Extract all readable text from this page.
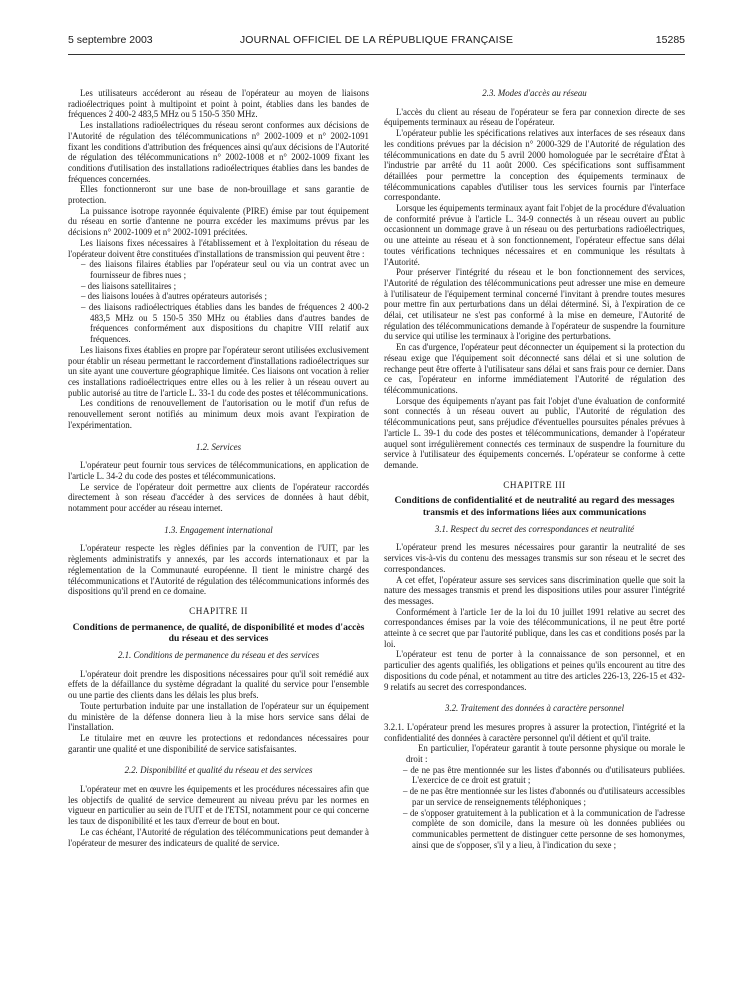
5 septembre 2003	JOURNAL OFFICIEL DE LA RÉPUBLIQUE FRANÇAISE	15285

Les utilisateurs accéderont au réseau de l'opérateur au moyen de liaisons radioélectriques point à multipoint et point à point, établies dans les bandes de fréquences 2 400-2 483,5 MHz ou 5 150-5 350 MHz.

Les installations radioélectriques du réseau seront conformes aux décisions de l'Autorité de régulation des télécommunications n° 2002-1009 et n° 2002-1091 fixant les conditions d'attribution des fréquences ainsi qu'aux décisions de l'Autorité de régulation des télécommunications n° 2002-1008 et n° 2002-1009 fixant les conditions d'utilisation des installations radioélectriques établies dans les bandes de fréquences concernées.

Elles fonctionneront sur une base de non-brouillage et sans garantie de protection.

La puissance isotrope rayonnée équivalente (PIRE) émise par tout équipement du réseau en sortie d'antenne ne pourra excéder les maximums prévus par les décisions n° 2002-1009 et n° 2002-1091 précitées.

Les liaisons fixes nécessaires à l'établissement et à l'exploitation du réseau de l'opérateur doivent être constituées d'installations de transmission qui peuvent être :

– des liaisons filaires établies par l'opérateur seul ou via un contrat avec un fournisseur de fibres nues ;
– des liaisons satellitaires ;
– des liaisons louées à d'autres opérateurs autorisés ;
– des liaisons radioélectriques établies dans les bandes de fréquences 2 400-2 483,5 MHz ou 5 150-5 350 MHz ou établies dans d'autres bandes de fréquences conformément aux dispositions du chapitre VIII relatif aux fréquences.

Les liaisons fixes établies en propre par l'opérateur seront utilisées exclusivement pour établir un réseau permettant le raccordement d'installations radioélectriques sur un site ayant une couverture géographique limitée. Ces liaisons ont vocation à relier ces installations radioélectriques entre elles ou à les relier à un réseau ouvert au public autorisé au titre de l'article L. 33-1 du code des postes et télécommunications.

Les conditions de renouvellement de l'autorisation ou le motif d'un refus de renouvellement seront notifiés au minimum deux mois avant l'expiration de l'expérimentation.

1.2. Services

L'opérateur peut fournir tous services de télécommunications, en application de l'article L. 34-2 du code des postes et télécommunications.

Le service de l'opérateur doit permettre aux clients de l'opérateur raccordés directement à son réseau d'accéder à des services de données à haut débit, notamment pour accéder au réseau internet.

1.3. Engagement international

L'opérateur respecte les règles définies par la convention de l'UIT, par les règlements administratifs y annexés, par les accords internationaux et par la réglementation de la Communauté européenne. Il tient le ministre chargé des télécommunications et l'Autorité de régulation des télécommunications informés des dispositions qu'il prend en ce domaine.

CHAPITRE II
Conditions de permanence, de qualité, de disponibilité et modes d'accès du réseau et des services
2.1. Conditions de permanence du réseau et des services

L'opérateur doit prendre les dispositions nécessaires pour qu'il soit remédié aux effets de la défaillance du système dégradant la qualité du service pour l'ensemble ou une partie des clients dans les délais les plus brefs.

Toute perturbation induite par une installation de l'opérateur sur un équipement du ministère de la défense donnera lieu à la mise hors service sans délai de l'installation.

Le titulaire met en œuvre les protections et redondances nécessaires pour garantir une qualité et une disponibilité de service satisfaisantes.

2.2. Disponibilité et qualité du réseau et des services

L'opérateur met en œuvre les équipements et les procédures nécessaires afin que les objectifs de qualité de service demeurent au niveau prévu par les normes en vigueur en particulier au sein de l'UIT et de l'ETSI, notamment pour ce qui concerne les taux de disponibilité et les taux d'erreur de bout en bout.

Le cas échéant, l'Autorité de régulation des télécommunications peut demander à l'opérateur de mesurer des indicateurs de qualité de service.

2.3. Modes d'accès au réseau

L'accès du client au réseau de l'opérateur se fera par connexion directe de ses équipements terminaux au réseau de l'opérateur.

L'opérateur publie les spécifications relatives aux interfaces de ses réseaux dans les conditions prévues par la décision n° 2000-329 de l'Autorité de régulation des télécommunications en date du 5 avril 2000 homologuée par le secrétaire d'État à l'industrie par arrêté du 11 août 2000. Ces spécifications sont suffisamment détaillées pour permettre la conception des équipements terminaux de télécommunications capables d'utiliser tous les services fournis par l'interface correspondante.

Lorsque les équipements terminaux ayant fait l'objet de la procédure d'évaluation de conformité prévue à l'article L. 34-9 connectés à un réseau ouvert au public occasionnent un dommage grave à un réseau ou des perturbations radioélectriques, ou une atteinte au réseau et à son fonctionnement, l'opérateur effectue sans délai toutes vérifications techniques nécessaires et en communique les résultats à l'Autorité.

Pour préserver l'intégrité du réseau et le bon fonctionnement des services, l'Autorité de régulation des télécommunications peut adresser une mise en demeure à l'utilisateur de l'équipement terminal concerné l'invitant à prendre toutes mesures pour mettre fin aux perturbations dans un délai déterminé. Si, à l'expiration de ce délai, cet utilisateur ne s'est pas conformé à la mise en demeure, l'Autorité de régulation des télécommunications demande à l'opérateur de suspendre la fourniture du service qui utilise les terminaux à l'origine des perturbations.

En cas d'urgence, l'opérateur peut déconnecter un équipement si la protection du réseau exige que l'équipement soit déconnecté sans délai et si une solution de rechange peut être offerte à l'utilisateur sans délai et sans frais pour ce dernier. Dans ce cas, l'opérateur en informe immédiatement l'Autorité de régulation des télécommunications.

Lorsque des équipements n'ayant pas fait l'objet d'une évaluation de conformité sont connectés à un réseau ouvert au public, l'Autorité de régulation des télécommunications peut, sans préjudice d'éventuelles poursuites pénales prévues à l'article L. 39-1 du code des postes et télécommunications, demander à l'opérateur auquel sont irrégulièrement connectés ces terminaux de suspendre la fourniture du service à l'utilisateur des équipements concernés. L'opérateur se conforme à cette demande.

CHAPITRE III
Conditions de confidentialité et de neutralité au regard des messages transmis et des informations liées aux communications
3.1. Respect du secret des correspondances et neutralité

L'opérateur prend les mesures nécessaires pour garantir la neutralité de ses services vis-à-vis du contenu des messages transmis sur son réseau et le secret des correspondances.

A cet effet, l'opérateur assure ses services sans discrimination quelle que soit la nature des messages transmis et prend les dispositions utiles pour assurer l'intégrité des messages.

Conformément à l'article 1er de la loi du 10 juillet 1991 relative au secret des correspondances émises par la voie des télécommunications, il ne peut être porté atteinte à ce secret que par l'autorité publique, dans les cas et conditions posés par la loi.

L'opérateur est tenu de porter à la connaissance de son personnel, et en particulier des agents qualifiés, les obligations et peines qu'ils encourent au titre des dispositions du code pénal, et notamment au titre des articles 226-13, 226-15 et 432-9 relatifs au secret des correspondances.

3.2. Traitement des données à caractère personnel

3.2.1. L'opérateur prend les mesures propres à assurer la protection, l'intégrité et la confidentialité des données à caractère personnel qu'il détient et qu'il traite.

En particulier, l'opérateur garantit à toute personne physique ou morale le droit :

– de ne pas être mentionnée sur les listes d'abonnés ou d'utilisateurs publiées. L'exercice de ce droit est gratuit ;
– de ne pas être mentionnée sur les listes d'abonnés ou d'utilisateurs accessibles par un service de renseignements téléphoniques ;
– de s'opposer gratuitement à la publication et à la communication de l'adresse complète de son domicile, dans la mesure où les données publiées ou communicables permettent de distinguer cette personne de ses homonymes, ainsi que de s'opposer, s'il y a lieu, à l'indication du sexe ;
